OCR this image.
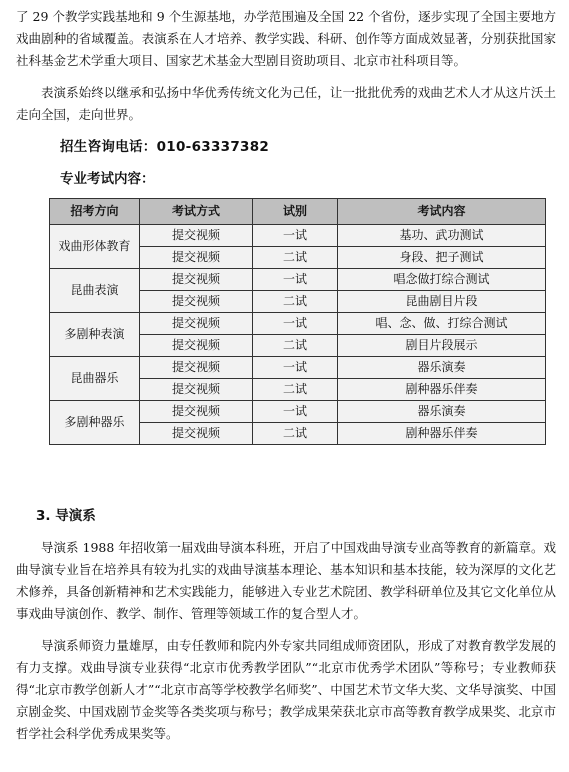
了 29 个教学实践基地和 9 个生源基地，办学范围遍及全国 22 个省份，逐步实现了全国主要地方戏曲剧种的省域覆盖。表演系在人才培养、教学实践、科研、创作等方面成效显著，分别获批国家社科基金艺术学重大项目、国家艺术基金大型剧目资助项目、北京市社科项目等。

表演系始终以继承和弘扬中华优秀传统文化为己任，让一批批优秀的戏曲艺术人才从这片沃土走向全国，走向世界。

招生咨询电话：010-63337382
专业考试内容：
招考方向	考试方式	试别	考试内容
戏曲形体教育	提交视频	一试	基功、武功测试
	提交视频	二试	身段、把子测试
昆曲表演	提交视频	一试	唱念做打综合测试
	提交视频	二试	昆曲剧目片段
多剧种表演	提交视频	一试	唱、念、做、打综合测试
	提交视频	二试	剧目片段展示
昆曲器乐	提交视频	一试	器乐演奏
	提交视频	二试	剧种器乐伴奏
多剧种器乐	提交视频	一试	器乐演奏
	提交视频	二试	剧种器乐伴奏
3. 导演系

导演系 1988 年招收第一届戏曲导演本科班，开启了中国戏曲导演专业高等教育的新篇章。戏曲导演专业旨在培养具有较为扎实的戏曲导演基本理论、基本知识和基本技能，较为深厚的文化艺术修养，具备创新精神和艺术实践能力，能够进入专业艺术院团、教学科研单位及其它文化单位从事戏曲导演创作、教学、制作、管理等领域工作的复合型人才。

导演系师资力量雄厚，由专任教师和院内外专家共同组成师资团队，形成了对教育教学发展的有力支撑。戏曲导演专业获得“北京市优秀教学团队”“北京市优秀学术团队”等称号；专业教师获得“北京市教学创新人才”“北京市高等学校教学名师奖”、中国艺术节文华大奖、文华导演奖、中国京剧金奖、中国戏剧节金奖等各类奖项与称号；教学成果荣获北京市高等教育教学成果奖、北京市哲学社会科学优秀成果奖等。
